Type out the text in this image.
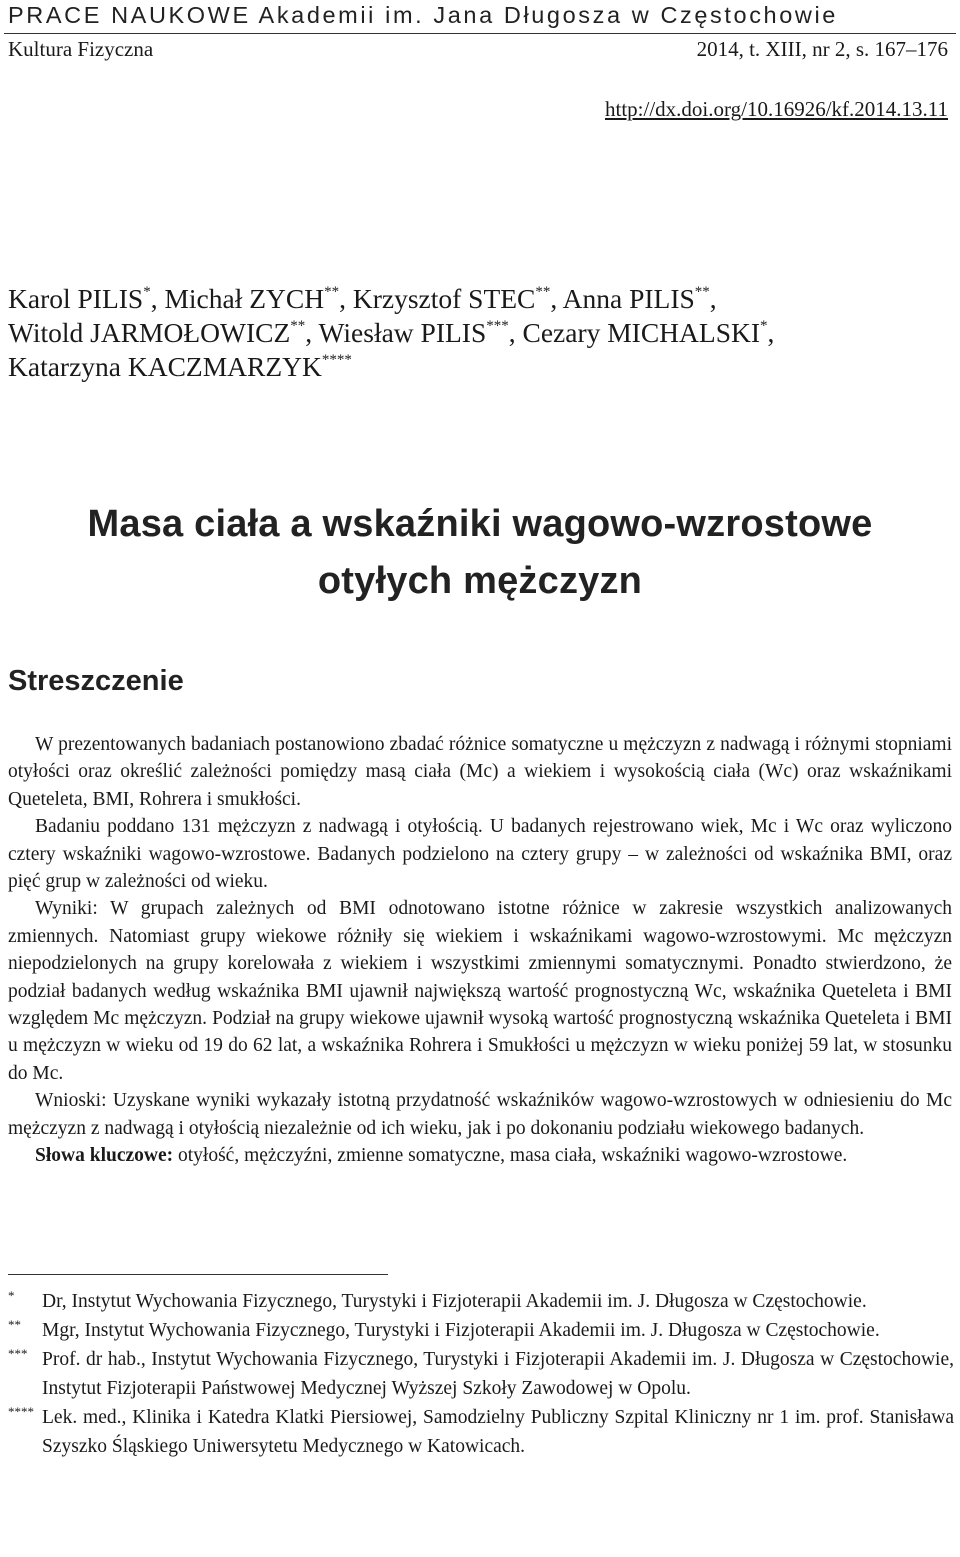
PRACE NAUKOWE Akademii im. Jana Długosza w Częstochowie
Kultura Fizyczna	2014, t. XIII, nr 2, s. 167–176
http://dx.doi.org/10.16926/kf.2014.13.11
Karol PILIS*, Michał ZYCH**, Krzysztof STEC**, Anna PILIS**,
Witold JARMOŁOWICZ**, Wiesław PILIS***, Cezary MICHALSKI*,
Katarzyna KACZMARZYK****
Masa ciała a wskaźniki wagowo-wzrostowe
otyłych mężczyzn
Streszczenie

W prezentowanych badaniach postanowiono zbadać różnice somatyczne u mężczyzn z nadwagą i różnymi stopniami otyłości oraz określić zależności pomiędzy masą ciała (Mc) a wiekiem i wysokością ciała (Wc) oraz wskaźnikami Queteleta, BMI, Rohrera i smukłości.

Badaniu poddano 131 mężczyzn z nadwagą i otyłością. U badanych rejestrowano wiek, Mc i Wc oraz wyliczono cztery wskaźniki wagowo-wzrostowe. Badanych podzielono na cztery grupy – w zależności od wskaźnika BMI, oraz pięć grup w zależności od wieku.

Wyniki: W grupach zależnych od BMI odnotowano istotne różnice w zakresie wszystkich analizowanych zmiennych. Natomiast grupy wiekowe różniły się wiekiem i wskaźnikami wagowo-wzrostowymi. Mc mężczyzn niepodzielonych na grupy korelowała z wiekiem i wszystkimi zmiennymi somatycznymi. Ponadto stwierdzono, że podział badanych według wskaźnika BMI ujawnił największą wartość prognostyczną Wc, wskaźnika Queteleta i BMI względem Mc mężczyzn. Podział na grupy wiekowe ujawnił wysoką wartość prognostyczną wskaźnika Queteleta i BMI u mężczyzn w wieku od 19 do 62 lat, a wskaźnika Rohrera i Smukłości u mężczyzn w wieku poniżej 59 lat, w stosunku do Mc.

Wnioski: Uzyskane wyniki wykazały istotną przydatność wskaźników wagowo-wzrostowych w odniesieniu do Mc mężczyzn z nadwagą i otyłością niezależnie od ich wieku, jak i po dokonaniu podziału wiekowego badanych.

Słowa kluczowe: otyłość, mężczyźni, zmienne somatyczne, masa ciała, wskaźniki wagowo-wzrostowe.

* Dr, Instytut Wychowania Fizycznego, Turystyki i Fizjoterapii Akademii im. J. Długosza w Częstochowie.
** Mgr, Instytut Wychowania Fizycznego, Turystyki i Fizjoterapii Akademii im. J. Długosza w Częstochowie.
*** Prof. dr hab., Instytut Wychowania Fizycznego, Turystyki i Fizjoterapii Akademii im. J. Długosza w Częstochowie, Instytut Fizjoterapii Państwowej Medycznej Wyższej Szkoły Zawodowej w Opolu.
**** Lek. med., Klinika i Katedra Klatki Piersiowej, Samodzielny Publiczny Szpital Kliniczny nr 1 im. prof. Stanisława Szyszko Śląskiego Uniwersytetu Medycznego w Katowicach.
